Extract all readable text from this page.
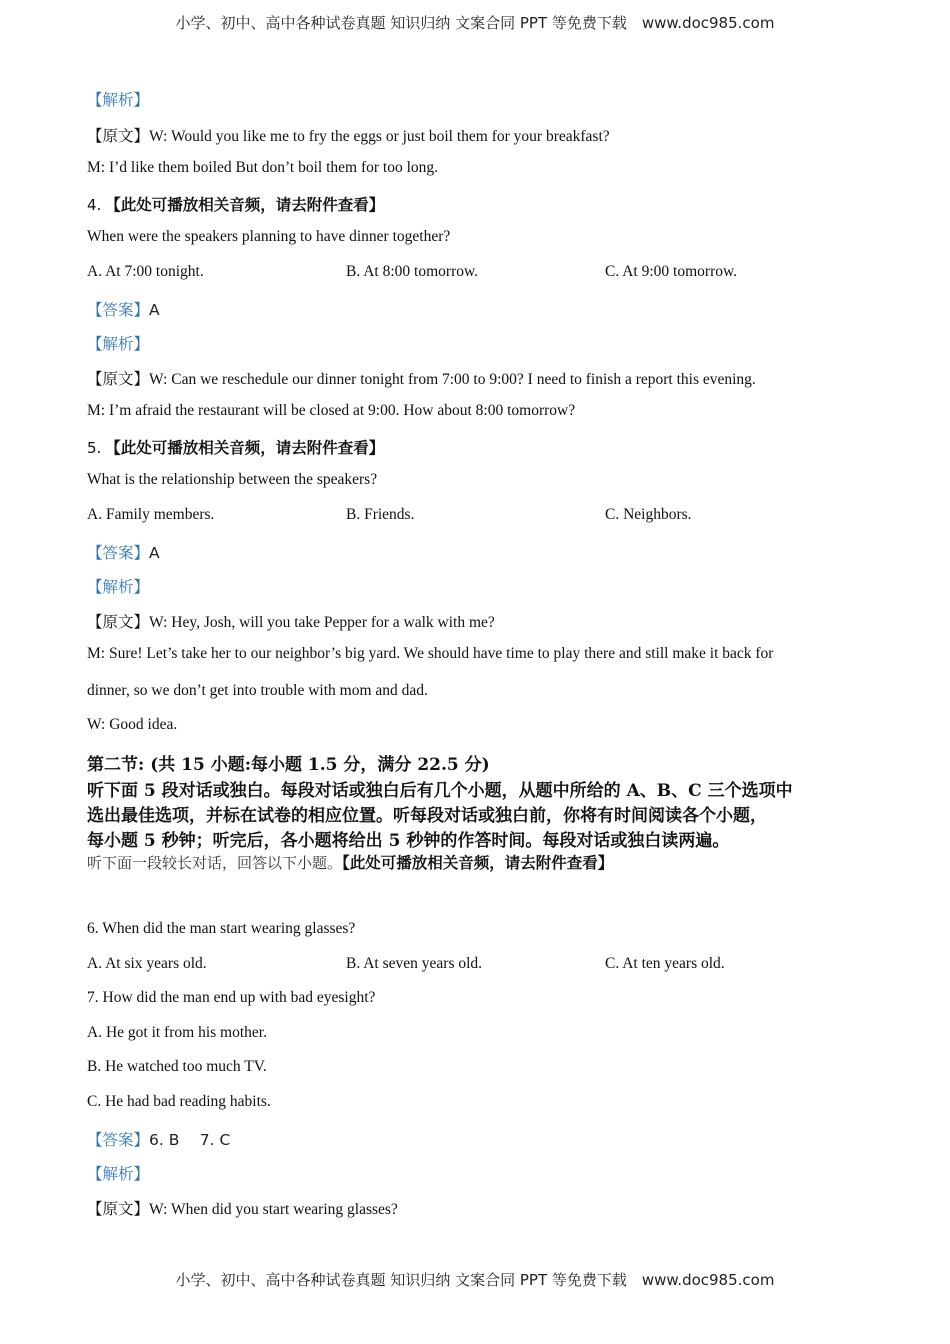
小学、初中、高中各种试卷真题 知识归纳 文案合同 PPT 等免费下载　www.doc985.com
【解析】
【原文】W: Would you like me to fry the eggs or just boil them for your breakfast?
M: I’d like them boiled But don’t boil them for too long.
4. 【此处可播放相关音频，请去附件查看】
When were the speakers planning to have dinner together?
A. At 7:00 tonight.	B. At 8:00 tomorrow.	C. At 9:00 tomorrow.
【答案】A
【解析】
【原文】W: Can we reschedule our dinner tonight from 7:00 to 9:00? I need to finish a report this evening.
M: I’m afraid the restaurant will be closed at 9:00. How about 8:00 tomorrow?
5. 【此处可播放相关音频，请去附件查看】
What is the relationship between the speakers?
A. Family members.	B. Friends.	C. Neighbors.
【答案】A
【解析】
【原文】W: Hey, Josh, will you take Pepper for a walk with me?
M: Sure! Let’s take her to our neighbor’s big yard. We should have time to play there and still make it back for
dinner, so we don’t get into trouble with mom and dad.
W: Good idea.
第二节: (共 15 小题:每小题 1.5 分，满分 22.5 分)
听下面 5 段对话或独白。每段对话或独白后有几个小题，从题中所给的 A、B、C 三个选项中
选出最佳选项，并标在试卷的相应位置。听每段对话或独白前，你将有时间阅读各个小题，
每小题 5 秒钟；听完后，各小题将给出 5 秒钟的作答时间。每段对话或独白读两遍。
听下面一段较长对话，回答以下小题。【此处可播放相关音频，请去附件查看】
6. When did the man start wearing glasses?
A. At six years old.	B. At seven years old.	C. At ten years old.
7. How did the man end up with bad eyesight?
A. He got it from his mother.
B. He watched too much TV.
C. He had bad reading habits.
【答案】6. B　 7. C
【解析】
【原文】W: When did you start wearing glasses?
小学、初中、高中各种试卷真题 知识归纳 文案合同 PPT 等免费下载　www.doc985.com
